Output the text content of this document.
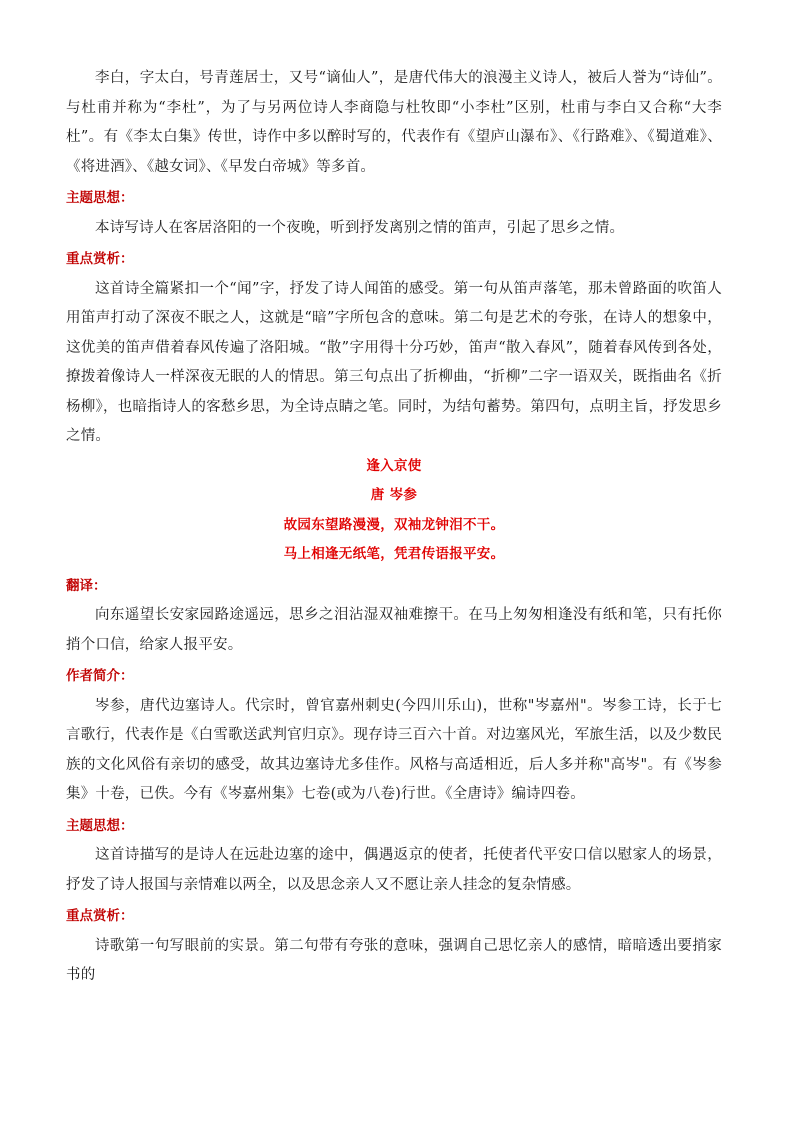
李白，字太白，号青莲居士，又号“谪仙人”，是唐代伟大的浪漫主义诗人，被后人誉为“诗仙”。与杜甫并称为“李杜”，为了与另两位诗人李商隐与杜牧即“小李杜”区别，杜甫与李白又合称“大李杜”。有《李太白集》传世，诗作中多以醉时写的，代表作有《望庐山瀑布》、《行路难》、《蜀道难》、《将进酒》、《越女词》、《早发白帝城》等多首。

主题思想：

本诗写诗人在客居洛阳的一个夜晚，听到抒发离别之情的笛声，引起了思乡之情。

重点赏析：

这首诗全篇紧扣一个“闻”字，抒发了诗人闻笛的感受。第一句从笛声落笔，那未曾路面的吹笛人用笛声打动了深夜不眠之人，这就是“暗”字所包含的意味。第二句是艺术的夸张，在诗人的想象中，这优美的笛声借着春风传遍了洛阳城。“散”字用得十分巧妙，笛声“散入春风”，随着春风传到各处，撩拨着像诗人一样深夜无眠的人的情思。第三句点出了折柳曲，“折柳”二字一语双关，既指曲名《折杨柳》，也暗指诗人的客愁乡思，为全诗点睛之笔。同时，为结句蓄势。第四句，点明主旨，抒发思乡之情。

逢入京使

唐 岑参

故园东望路漫漫，双袖龙钟泪不干。

马上相逢无纸笔，凭君传语报平安。

翻译：

向东遥望长安家园路途遥远，思乡之泪沾湿双袖难擦干。在马上匆匆相逢没有纸和笔，只有托你捎个口信，给家人报平安。

作者简介：

岑参，唐代边塞诗人。代宗时，曾官嘉州刺史(今四川乐山)，世称"岑嘉州"。岑参工诗，长于七言歌行，代表作是《白雪歌送武判官归京》。现存诗三百六十首。对边塞风光，军旅生活，以及少数民族的文化风俗有亲切的感受，故其边塞诗尤多佳作。风格与高适相近，后人多并称"高岑"。有《岑参集》十卷，已佚。今有《岑嘉州集》七卷(或为八卷)行世。《全唐诗》编诗四卷。

主题思想：

这首诗描写的是诗人在远赴边塞的途中，偶遇返京的使者，托使者代平安口信以慰家人的场景，抒发了诗人报国与亲情难以两全，以及思念亲人又不愿让亲人挂念的复杂情感。

重点赏析：

诗歌第一句写眼前的实景。第二句带有夸张的意味，强调自己思忆亲人的感情，暗暗透出要捎家书的
